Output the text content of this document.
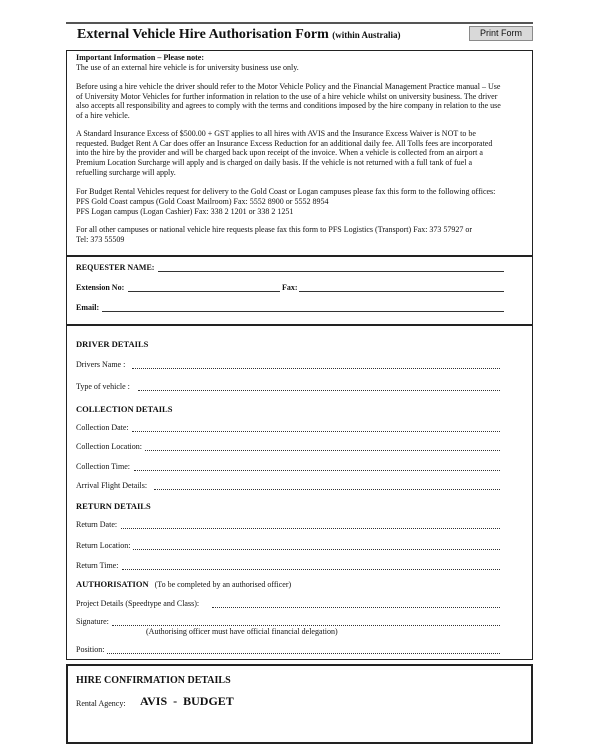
External Vehicle Hire Authorisation Form (within Australia)	Print Form
Important Information – Please note:
The use of an external hire vehicle is for university business use only.
Before using a hire vehicle the driver should refer to the Motor Vehicle Policy and the Financial Management Practice manual – Use
of University Motor Vehicles for further information in relation to the use of a hire vehicle whilst on university business. The driver
also accepts all responsibility and agrees to comply with the terms and conditions imposed by the hire company in relation to the use
of a hire vehicle.
A Standard Insurance Excess of $500.00 + GST applies to all hires with AVIS and the Insurance Excess Waiver is NOT to be
requested. Budget Rent A Car does offer an Insurance Excess Reduction for an additional daily fee. All Tolls fees are incorporated
into the hire by the provider and will be charged back upon receipt of the invoice. When a vehicle is collected from an airport a
Premium Location Surcharge will apply and is charged on daily basis. If the vehicle is not returned with a full tank of fuel a
refuelling surcharge will apply.
For Budget Rental Vehicles request for delivery to the Gold Coast or Logan campuses please fax this form to the following offices:
PFS Gold Coast campus (Gold Coast Mailroom) Fax: 5552 8900 or 5552 8954
PFS Logan campus (Logan Cashier) Fax: 338 2 1201 or 338 2 1251
For all other campuses or national vehicle hire requests please fax this form to PFS Logistics (Transport) Fax: 373 57927 or
Tel: 373 55509
REQUESTER NAME:
Extension No:	Fax:
Email:
DRIVER DETAILS
Drivers Name :
Type of vehicle :
COLLECTION DETAILS
Collection Date:
Collection Location:
Collection Time:
Arrival Flight Details:
RETURN DETAILS
Return Date:
Return Location:
Return Time:
AUTHORISATION (To be completed by an authorised officer)
Project Details (Speedtype and Class):
Signature:
(Authorising officer must have official financial delegation)
Position:
HIRE CONFIRMATION DETAILS
Rental Agency: AVIS  -  BUDGET
